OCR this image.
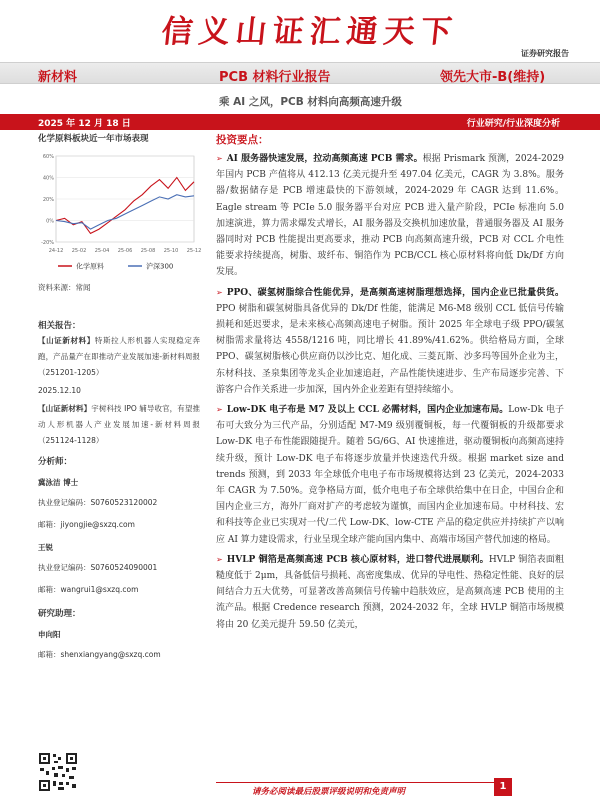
信义山证汇通天下
证券研究报告
新材料	PCB 材料行业报告	领先大市-B(维持)
乘 AI 之风，PCB 材料向高频高速升级
2025 年 12 月 18 日	行业研究/行业深度分析
化学原料板块近一年市场表现
-20%
0%
20%
40%
60%
24-12 25-02 25-04 25-06 25-08 25-10 25-12
化学原料	沪深300
资料来源：常闻
相关报告：
【山证新材料】特斯拉人形机器人实现稳定奔跑，产品量产在即推动产业发展加速-新材料周报（251201-1205）
2025.12.10
【山证新材料】宇树科技 IPO 辅导收官，有望推动人形机器人产业发展加速-新材料周报（251124-1128）
分析师：
冀泳洁 博士
执业登记编码：S0760523120002
邮箱：jiyongjie@sxzq.com
王锐
执业登记编码：S0760524090001
邮箱：wangrui1@sxzq.com
研究助理：
申向阳
邮箱：shenxiangyang@sxzq.com
投资要点：

➢ AI 服务器快速发展，拉动高频高速 PCB 需求。根据 Prismark 预测，2024-2029 年国内 PCB 产值将从 412.13 亿美元提升至 497.04 亿美元，CAGR 为 3.8%。服务器/数据储存是 PCB 增速最快的下游领域，2024-2029 年 CAGR 达到 11.6%。Eagle stream 等 PCIe 5.0 服务器平台对应 PCB 进入量产阶段，PCIe 标准向 5.0 加速演进，算力需求爆发式增长，AI 服务器及交换机加速放量，普通服务器及 AI 服务器同时对 PCB 性能提出更高要求，推动 PCB 向高频高速升级，PCB 对 CCL 介电性能要求持续提高，树脂、玻纤布、铜箔作为 PCB/CCL 核心原材料将向低 Dk/Df 方向发展。

➢ PPO、碳氢树脂综合性能优异，是高频高速树脂理想选择，国内企业已批量供货。PPO 树脂和碳氢树脂具备优异的 Dk/Df 性能，能满足 M6-M8 级别 CCL 低信号传输损耗和延迟要求，是未来核心高频高速电子树脂。预计 2025 年全球电子级 PPO/碳氢树脂需求量将达 4558/1216 吨，同比增长 41.89%/41.62%。供给格局方面，全球 PPO、碳氢树脂核心供应商仍以沙比克、旭化成、三菱瓦斯、沙多玛等国外企业为主，东材科技、圣泉集团等龙头企业加速追赶，产品性能快速进步、生产布局逐步完善、下游客户合作关系进一步加深，国内外企业差距有望持续缩小。

➢ Low-DK 电子布是 M7 及以上 CCL 必需材料，国内企业加速布局。Low-Dk 电子布可大致分为三代产品，分别适配 M7-M9 级别覆铜板，每一代覆铜板的升级都要求 Low-DK 电子布性能跟随提升。随着 5G/6G、AI 快速推进，驱动覆铜板向高频高速持续升级，预计 Low-DK 电子布将逐步放量并快速迭代升级。根据 market size and trends 预测，到 2033 年全球低介电电子布市场规模将达到 23 亿美元，2024-2033 年 CAGR 为 7.50%。竞争格局方面，低介电电子布全球供给集中在日企，中国台企和国内企业三方，海外厂商对扩产的考虑较为谨慎，而国内企业加速布局。中材科技、宏和科技等企业已实现对一代/二代 Low-DK、low-CTE 产品的稳定供应并持续扩产以响应 AI 算力建设需求，行业呈现全球产能向国内集中、高端市场国产替代加速的格局。

➢ HVLP 铜箔是高频高速 PCB 核心原材料，进口替代进展顺利。HVLP 铜箔表面粗糙度低于 2μm，具备低信号损耗、高密度集成、优异的导电性、热稳定性能、良好的层间结合力五大优势，可显著改善高频信号传输中趋肤效应，是高频高速 PCB 使用的主流产品。根据 Credence research 预测，2024-2032 年，全球 HVLP 铜箔市场规模将由 20 亿美元提升 59.50 亿美元，

请务必阅读最后股票评级说明和免责声明	1
